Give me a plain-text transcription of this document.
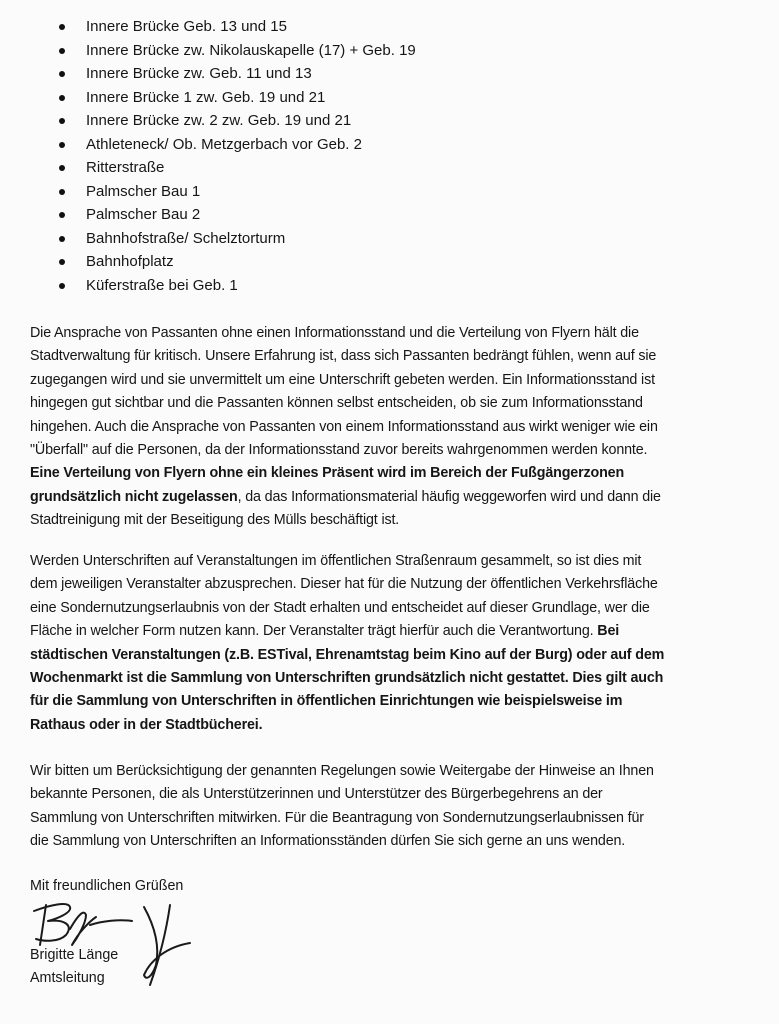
Innere Brücke Geb. 13 und 15
Innere Brücke zw. Nikolauskapelle (17) + Geb. 19
Innere Brücke zw. Geb. 11 und 13
Innere Brücke 1 zw. Geb. 19 und 21
Innere Brücke zw. 2 zw. Geb. 19 und 21
Athleteneck/ Ob. Metzgerbach vor Geb. 2
Ritterstraße
Palmscher Bau 1
Palmscher Bau 2
Bahnhofstraße/ Schelztorturm
Bahnhofplatz
Küferstraße bei Geb. 1

Die Ansprache von Passanten ohne einen Informationsstand und die Verteilung von Flyern hält die
Stadtverwaltung für kritisch. Unsere Erfahrung ist, dass sich Passanten bedrängt fühlen, wenn auf sie
zugegangen wird und sie unvermittelt um eine Unterschrift gebeten werden. Ein Informationsstand ist
hingegen gut sichtbar und die Passanten können selbst entscheiden, ob sie zum Informationsstand
hingehen. Auch die Ansprache von Passanten von einem Informationsstand aus wirkt weniger wie ein
"Überfall" auf die Personen, da der Informationsstand zuvor bereits wahrgenommen werden konnte.
Eine Verteilung von Flyern ohne ein kleines Präsent wird im Bereich der Fußgängerzonen
grundsätzlich nicht zugelassen, da das Informationsmaterial häufig weggeworfen wird und dann die
Stadtreinigung mit der Beseitigung des Mülls beschäftigt ist.

Werden Unterschriften auf Veranstaltungen im öffentlichen Straßenraum gesammelt, so ist dies mit
dem jeweiligen Veranstalter abzusprechen. Dieser hat für die Nutzung der öffentlichen Verkehrsfläche
eine Sondernutzungserlaubnis von der Stadt erhalten und entscheidet auf dieser Grundlage, wer die
Fläche in welcher Form nutzen kann. Der Veranstalter trägt hierfür auch die Verantwortung. Bei
städtischen Veranstaltungen (z.B. ESTival, Ehrenamtstag beim Kino auf der Burg) oder auf dem
Wochenmarkt ist die Sammlung von Unterschriften grundsätzlich nicht gestattet. Dies gilt auch
für die Sammlung von Unterschriften in öffentlichen Einrichtungen wie beispielsweise im
Rathaus oder in der Stadtbücherei.

Wir bitten um Berücksichtigung der genannten Regelungen sowie Weitergabe der Hinweise an Ihnen
bekannte Personen, die als Unterstützerinnen und Unterstützer des Bürgerbegehrens an der
Sammlung von Unterschriften mitwirken. Für die Beantragung von Sondernutzungserlaubnissen für
die Sammlung von Unterschriften an Informationsständen dürfen Sie sich gerne an uns wenden.

Mit freundlichen Grüßen
Brigitte Länge
Amtsleitung
